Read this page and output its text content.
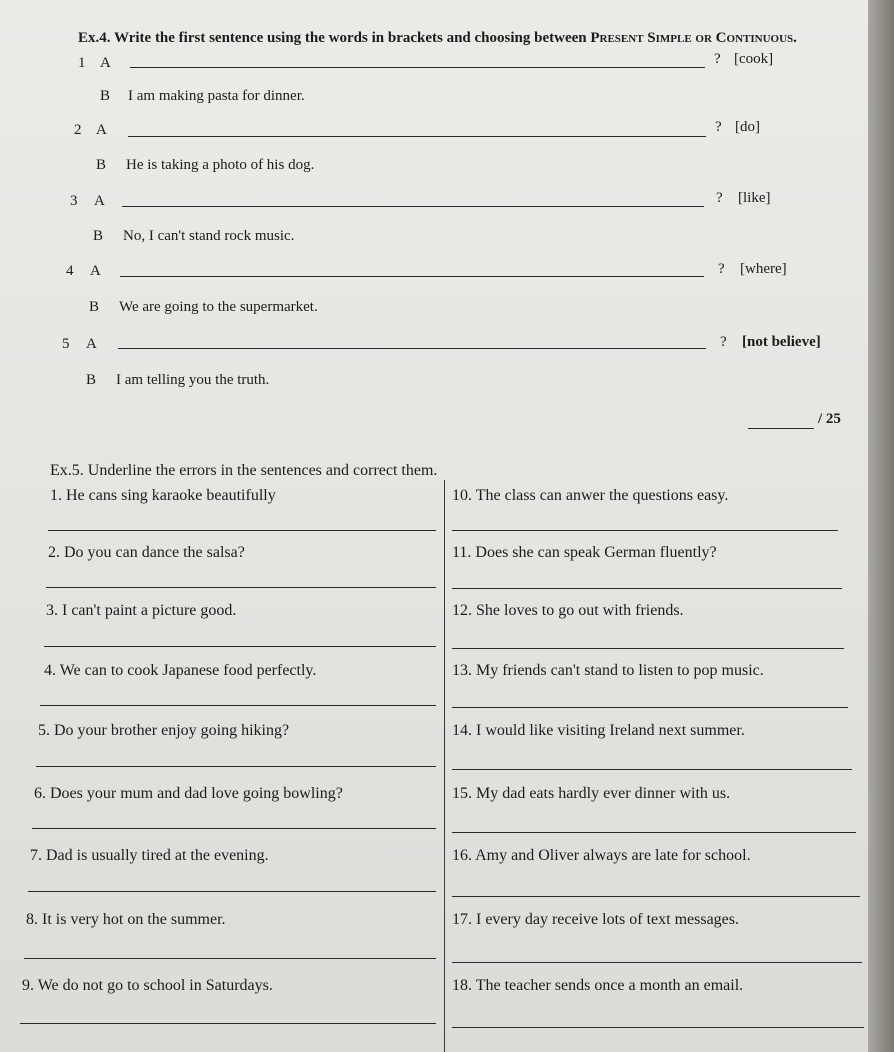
Ex.4. Write the first sentence using the words in brackets and choosing between Present Simple or Continuous.
1 A	? [cook]
B I am making pasta for dinner.
2 A	? [do]
B He is taking a photo of his dog.
3 A	? [like]
B No, I can't stand rock music.
4 A	? [where]
B We are going to the supermarket.
5 A	? [not believe]
B I am telling you the truth.
/ 25
Ex.5. Underline the errors in the sentences and correct them.
1. He cans sing karaoke beautifully
2. Do you can dance the salsa?
3. I can't paint a picture good.
4. We can to cook Japanese food perfectly.
5. Do your brother enjoy going hiking?
6. Does your mum and dad love going bowling?
7. Dad is usually tired at the evening.
8. It is very hot on the summer.
9. We do not go to school in Saturdays.
10. The class can anwer the questions easy.
11. Does she can speak German fluently?
12. She loves to go out with friends.
13. My friends can't stand to listen to pop music.
14. I would like visiting Ireland next summer.
15. My dad eats hardly ever dinner with us.
16. Amy and Oliver always are late for school.
17. I every day receive lots of text messages.
18. The teacher sends once a month an email.
